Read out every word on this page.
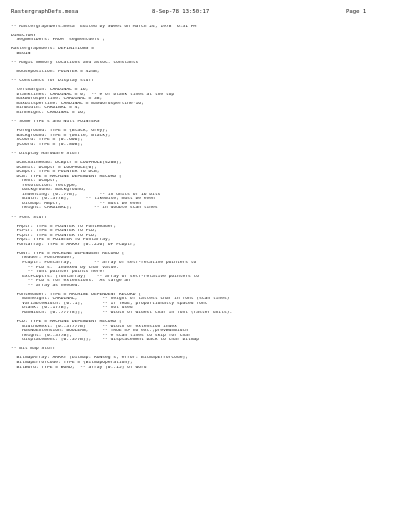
RastergraphDefs.mesa	8-Sep-78 13:50:17	Page 1
-- RastergraphDefs.mesa  Edited by Sweet on March 24, 1978  6:31 PM
DIRECTORY
SegmentDefs: FROM "segmentdefs";
RastergraphDefs: DEFINITIONS =
BEGIN
-- Magic memory locations and assoc. constants
mouseposition: POINTER = 424B;
-- Constants for Display stuff
leftmargin: CARDINAL = 16;
blanklines: CARDINAL = 0;  -- # of blank lines at the top
maxwordsperline: CARDINAL = 38;
maxbitsperline: CARDINAL = maxwordsperline*16;
minwidth: CARDINAL = 4;
minheight: CARDINAL = 16;
-- Some TYPE's and Null POINTERS
Foreground: TYPE = {Black, Grey};
Background: TYPE = {white, Black};
xCoord: TYPE = [0..606];
yCoord: TYPE = [0..808];
-- Display Hardware Stuff
DCBchainHead: DCBptr = LOOPHOLE[420B];
DCBnil: DCBptr = LOOPHOLE[0];
DCBptr: TYPE = POINTER TO DCB;
DCB: TYPE = MACHINE DEPENDENT RECORD [
next: DCBptr,
resolution: restype,
background: Background,
indenting: [0..77B],        -- in units of 16 bits
width: [0..377B],      -- likewise; must be even
bitmap: MBptr,              -- must be even
height: CARDINAL];        -- in double scan lines
-- Font Stuff
FMptr: TYPE = POINTER TO FontHeader;
FcPtr: TYPE = POINTER TO FCD;
FCptr: TYPE = POINTER TO FCD;
FApt: TYPE = POINTER TO Fontarray;
Fontarray: TYPE = ARRAY [0..256] OF FCDptr;
FONT: TYPE = MACHINE DEPENDENT RECORD [
header: FontHeader,
Fcdptr: Fontarray,        -- array of self-relative pointers to
-- FCD's.  Indexed by char value.
-- font pointer points here!
ExtFCDptrs: [fontarray]    -- array of self-relative pointers to
-- FCD's for extensions.  As large an
-- array as needed.
FontHeader: TYPE = MACHINE DEPENDENT RECORD [
maxheight: CARDINAL,         -- height of tallest char in font (scan lines)
VariableWidth: [0..1],       -- If TRUE, proportionally spaced font
blank: [0..177B],            -- not used
MaxWidth: [0..77778]];       -- width of widest char in font (raster units).
FCD: TYPE = MACHINE DEPENDENT RECORD [
widthORext: [0..37777B]      -- width or extension index
HasNoExtension: BOOLEAN,     -- TRUE => no ext.;prevWd=width
height: [0..377B],           -- # scan lines to skip for char
displacement: [0..377B]];    -- displacement back to char bitmap
-- Bit map Stuff
BitmapArray: ARRAY [bitmap: RUNseg's, error: BitmapErrorCode];
BitmapErrorCode: TYPE = {BitmapOperation};
BitWord: TYPE = WORD;  -- array [0..15] of word
